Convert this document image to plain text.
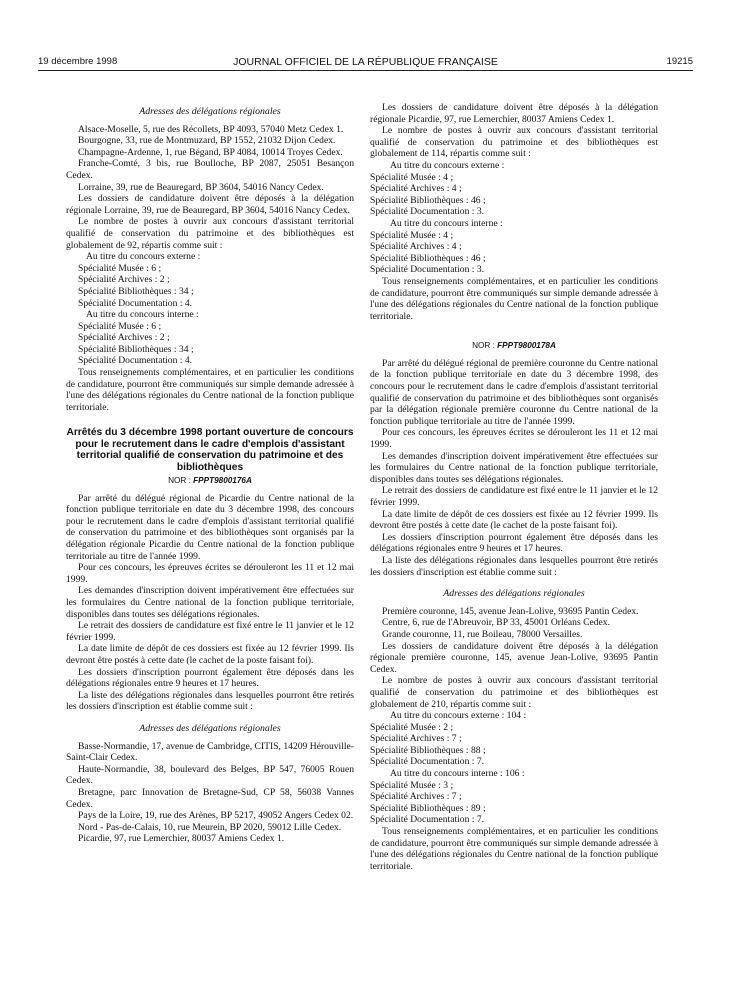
19 décembre 1998	JOURNAL OFFICIEL DE LA RÉPUBLIQUE FRANÇAISE	19215
Adresses des délégations régionales

Alsace-Moselle, 5, rue des Récollets, BP 4093, 57040 Metz Cedex 1.

Bourgogne, 33, rue de Montmuzard, BP 1552, 21032 Dijon Cedex.

Champagne-Ardenne, 1, rue Bégand, BP 4084, 10014 Troyes Cedex.

Franche-Comté, 3 bis, rue Boulloche, BP 2087, 25051 Besançon Cedex.

Lorraine, 39, rue de Beauregard, BP 3604, 54016 Nancy Cedex.

Les dossiers de candidature doivent être déposés à la délégation régionale Lorraine, 39, rue de Beauregard, BP 3604, 54016 Nancy Cedex.

Le nombre de postes à ouvrir aux concours d'assistant territorial qualifié de conservation du patrimoine et des bibliothèques est globalement de 92, répartis comme suit :

Au titre du concours externe :

Spécialité Musée : 6 ;

Spécialité Archives : 2 ;

Spécialité Bibliothèques : 34 ;

Spécialité Documentation : 4.

Au titre du concours interne :

Spécialité Musée : 6 ;

Spécialité Archives : 2 ;

Spécialité Bibliothèques : 34 ;

Spécialité Documentation : 4.

Tous renseignements complémentaires, et en particulier les conditions de candidature, pourront être communiqués sur simple demande adressée à l'une des délégations régionales du Centre national de la fonction publique territoriale.

Arrêtés du 3 décembre 1998 portant ouverture de concours pour le recrutement dans le cadre d'emplois d'assistant territorial qualifié de conservation du patrimoine et des bibliothèques
NOR : FPPT9800176A

Par arrêté du délégué régional de Picardie du Centre national de la fonction publique territoriale en date du 3 décembre 1998, des concours pour le recrutement dans le cadre d'emplois d'assistant territorial qualifié de conservation du patrimoine et des bibliothèques sont organisés par la délégation régionale Picardie du Centre national de la fonction publique territoriale au titre de l'année 1999.

Pour ces concours, les épreuves écrites se dérouleront les 11 et 12 mai 1999.

Les demandes d'inscription doivent impérativement être effectuées sur les formulaires du Centre national de la fonction publique territoriale, disponibles dans toutes ses délégations régionales.

Le retrait des dossiers de candidature est fixé entre le 11 janvier et le 12 février 1999.

La date limite de dépôt de ces dossiers est fixée au 12 février 1999. Ils devront être postés à cette date (le cachet de la poste faisant foi).

Les dossiers d'inscription pourront également être déposés dans les délégations régionales entre 9 heures et 17 heures.

La liste des délégations régionales dans lesquelles pourront être retirés les dossiers d'inscription est établie comme suit :

Adresses des délégations régionales

Basse-Normandie, 17, avenue de Cambridge, CITIS, 14209 Hérouville-Saint-Clair Cedex.

Haute-Normandie, 38, boulevard des Belges, BP 547, 76005 Rouen Cedex.

Bretagne, parc Innovation de Bretagne-Sud, CP 58, 56038 Vannes Cedex.

Pays de la Loire, 19, rue des Arènes, BP 5217, 49052 Angers Cedex 02.

Nord - Pas-de-Calais, 10, rue Meurein, BP 2020, 59012 Lille Cedex.

Picardie, 97, rue Lemerchier, 80037 Amiens Cedex 1.

Les dossiers de candidature doivent être déposés à la délégation régionale Picardie, 97, rue Lemerchier, 80037 Amiens Cedex 1.

Le nombre de postes à ouvrir aux concours d'assistant territorial qualifié de conservation du patrimoine et des bibliothèques est globalement de 114, répartis comme suit :

Au titre du concours externe :

Spécialité Musée : 4 ;

Spécialité Archives : 4 ;

Spécialité Bibliothèques : 46 ;

Spécialité Documentation : 3.

Au titre du concours interne :

Spécialité Musée : 4 ;

Spécialité Archives : 4 ;

Spécialité Bibliothèques : 46 ;

Spécialité Documentation : 3.

Tous renseignements complémentaires, et en particulier les conditions de candidature, pourront être communiqués sur simple demande adressée à l'une des délégations régionales du Centre national de la fonction publique territoriale.

NOR : FPPT9800178A

Par arrêté du délégué régional de première couronne du Centre national de la fonction publique territoriale en date du 3 décembre 1998, des concours pour le recrutement dans le cadre d'emplois d'assistant territorial qualifié de conservation du patrimoine et des bibliothèques sont organisés par la délégation régionale première couronne du Centre national de la fonction publique territoriale au titre de l'année 1999.

Pour ces concours, les épreuves écrites se dérouleront les 11 et 12 mai 1999.

Les demandes d'inscription doivent impérativement être effectuées sur les formulaires du Centre national de la fonction publique territoriale, disponibles dans toutes ses délégations régionales.

Le retrait des dossiers de candidature est fixé entre le 11 janvier et le 12 février 1999.

La date limite de dépôt de ces dossiers est fixée au 12 février 1999. Ils devront être postés à cette date (le cachet de la poste faisant foi).

Les dossiers d'inscription pourront également être déposés dans les délégations régionales entre 9 heures et 17 heures.

La liste des délégations régionales dans lesquelles pourront être retirés les dossiers d'inscription est établie comme suit :

Adresses des délégations régionales

Première couronne, 145, avenue Jean-Lolive, 93695 Pantin Cedex.

Centre, 6, rue de l'Abreuvoir, BP 33, 45001 Orléans Cedex.

Grande couronne, 11, rue Boileau, 78000 Versailles.

Les dossiers de candidature doivent être déposés à la délégation régionale première couronne, 145, avenue Jean-Lolive, 93695 Pantin Cedex.

Le nombre de postes à ouvrir aux concours d'assistant territorial qualifié de conservation du patrimoine et des bibliothèques est globalement de 210, répartis comme suit :

Au titre du concours externe : 104 :

Spécialité Musée : 2 ;

Spécialité Archives : 7 ;

Spécialité Bibliothèques : 88 ;

Spécialité Documentation : 7.

Au titre du concours interne : 106 :

Spécialité Musée : 3 ;

Spécialité Archives : 7 ;

Spécialité Bibliothèques : 89 ;

Spécialité Documentation : 7.

Tous renseignements complémentaires, et en particulier les conditions de candidature, pourront être communiqués sur simple demande adressée à l'une des délégations régionales du Centre national de la fonction publique territoriale.
